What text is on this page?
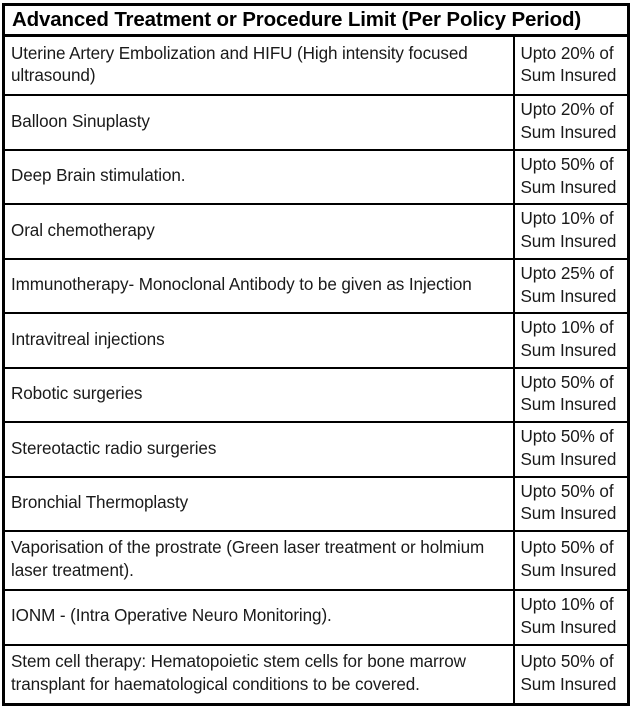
Advanced Treatment or Procedure Limit (Per Policy Period)	
Uterine Artery Embolization and HIFU (High intensity focused ultrasound)	Upto 20% of
Sum Insured

Balloon Sinuplasty	Upto 20% of
Sum Insured

Deep Brain stimulation.	Upto 50% of
Sum Insured

Oral chemotherapy	Upto 10% of
Sum Insured

Immunotherapy- Monoclonal Antibody to be given as Injection	Upto 25% of
Sum Insured

Intravitreal injections	Upto 10% of
Sum Insured

Robotic surgeries	Upto 50% of
Sum Insured

Stereotactic radio surgeries	Upto 50% of
Sum Insured

Bronchial Thermoplasty	Upto 50% of
Sum Insured

Vaporisation of the prostrate (Green laser treatment or holmium laser treatment).	Upto 50% of
Sum Insured

IONM - (Intra Operative Neuro Monitoring).	Upto 10% of
Sum Insured

Stem cell therapy: Hematopoietic stem cells for bone marrow transplant for haematological conditions to be covered.	Upto 50% of
Sum Insured
